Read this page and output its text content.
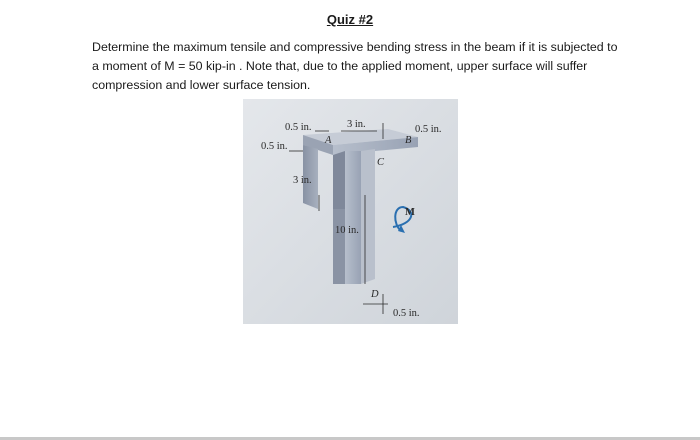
Quiz #2
Determine the maximum tensile and compressive bending stress in the beam if it is subjected to a moment of M = 50 kip-in . Note that, due to the applied moment, upper surface will suffer compression and lower surface tension.
0.5 in.	3 in.	0.5 in.
0.5 in.
3 in.
10 in.
0.5 in.
A	B
C
D
M
